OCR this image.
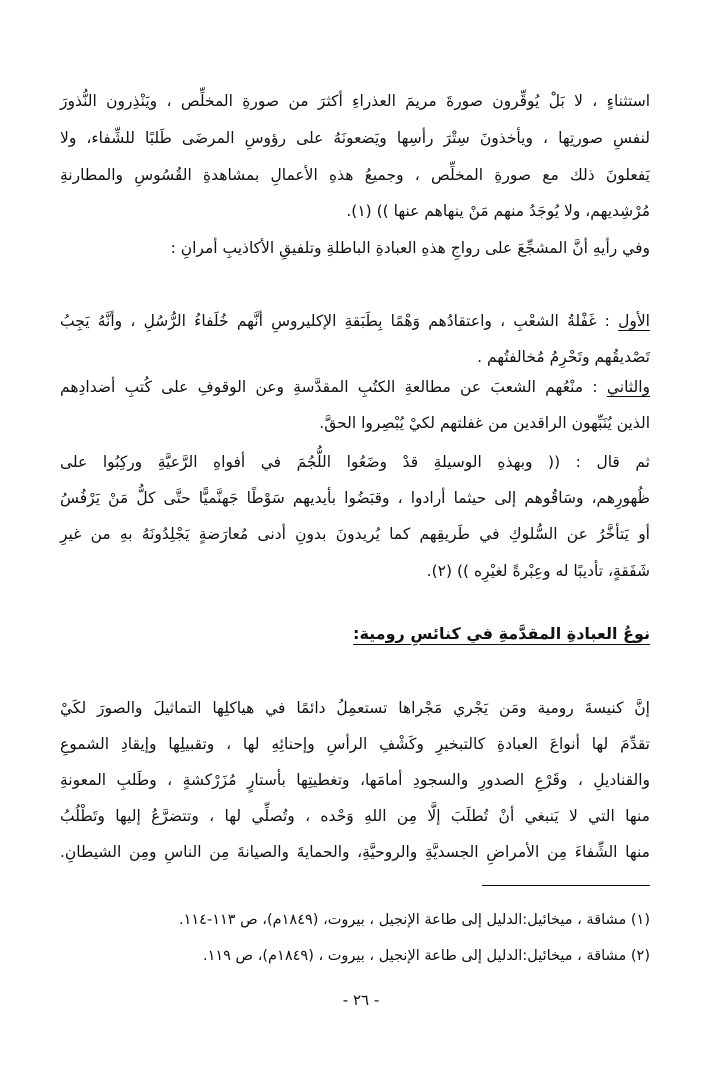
استثناءٍ ، لا بَلْ يُوقِّرون صورةَ مريمَ العذراءِ أكثرَ من صورةِ المخلِّص ، ويَنْذِرون النُّذورَ
لنفسِ صورتِها ، ويأخذونَ سِتْرَ رأسِها ويَضعونَهُ على رؤوسِ المرضَى طَلبًا للشِّفاء، ولا
يَفعلونَ ذلك مع صورةِ المخلِّص ، وجميعُ هذهِ الأعمالِ بمشاهدةِ القُسُوسِ والمطارنةِ
مُرْشِديهم، ولا يُوجَدُ منهم مَنْ ينهاهم عنها )) (١).
وفي رأيهِ أنَّ المشجِّعَ على رواجِ هذهِ العبادةِ الباطلةِ وتلفيقِ الأكاذيبِ أمرانِ :
الأول : غَفْلةُ الشعْبِ ، واعتقادُهم وَهْمًا بِطَبَقةِ الإكليروسِ أنَّهم خُلَفاءُ الرُّسُلِ ، وأنَّهُ يَجِبُ
تَصْديقُهم وتَحْرِمُ مُخالفتُهم .
والثاني : منْعُهم الشعبَ عن مطالعةِ الكتُبِ المقدَّسةِ وعن الوقوفِ على كُتبِ أضدادِهم
الذين يُنَبِّهون الراقدين من غفلتهم لكيْ يُبْصِروا الحقَّ.
ثم قال : (( وبهذهِ الوسيلةِ قدْ وضَعُوا اللُّجُمَ في أفواهِ الرَّعيَّةِ وركِبُوا على
ظُهورِهم، وسَاقُوهم إلى حيثما أرادوا ، وقبَضُوا بأيديهم سَوْطًا جَهنَّميًّا حتَّى كلُّ مَنْ يَرْفُسُ
أو يَتأخَّرُ عن السُّلوكِ في طَريقِهم كما يُريدونَ بدونِ أدنى مُعارَضةٍ يَجْلِدُونَهُ بهِ من غيرِ
شَفَقةٍ، تأديبًا له وعِبْرةً لغيْرِه )) (٢).
نوعُ العبادةِ المقدَّمةِ في كنائسِ رومية:
إنَّ كنيسةَ رومية ومَن يَجْري مَجْراها تستعمِلُ دائمًا في هياكلِها التماثيلَ والصورَ لكَيْ
تقدِّمَ لها أنواعَ العبادةِ كالتبخيرِ وكَشْفِ الرأسِ وإحنائِهِ لها ، وتقبيلِها وإيقادِ الشموعِ
والقناديلِ ، وقَرْعِ الصدورِ والسجودِ أمامَها، وتغطيتِها بأستارٍ مُزَرْكشةٍ ، وطَلبِ المعونةِ
منها التي لا يَنبغي أنْ تُطلَبَ إلَّا مِن اللهِ وَحْده ، وتُصلِّي لها ، وتتضرَّعُ إليها وتَطْلُبُ
منها الشِّفاءَ مِن الأمراضِ الجسديَّةِ والروحيَّةِ، والحمايةَ والصيانةَ مِن الناسِ ومِن الشيطانِ.
(١) مشاقة ، ميخائيل:الدليل إلى طاعة الإنجيل ، بيروت، (١٨٤٩م)، ص ١١٣-١١٤.
(٢) مشاقة ، ميخائيل:الدليل إلى طاعة الإنجيل ، بيروت ، (١٨٤٩م)، ص ١١٩.
- ٢٦ -
